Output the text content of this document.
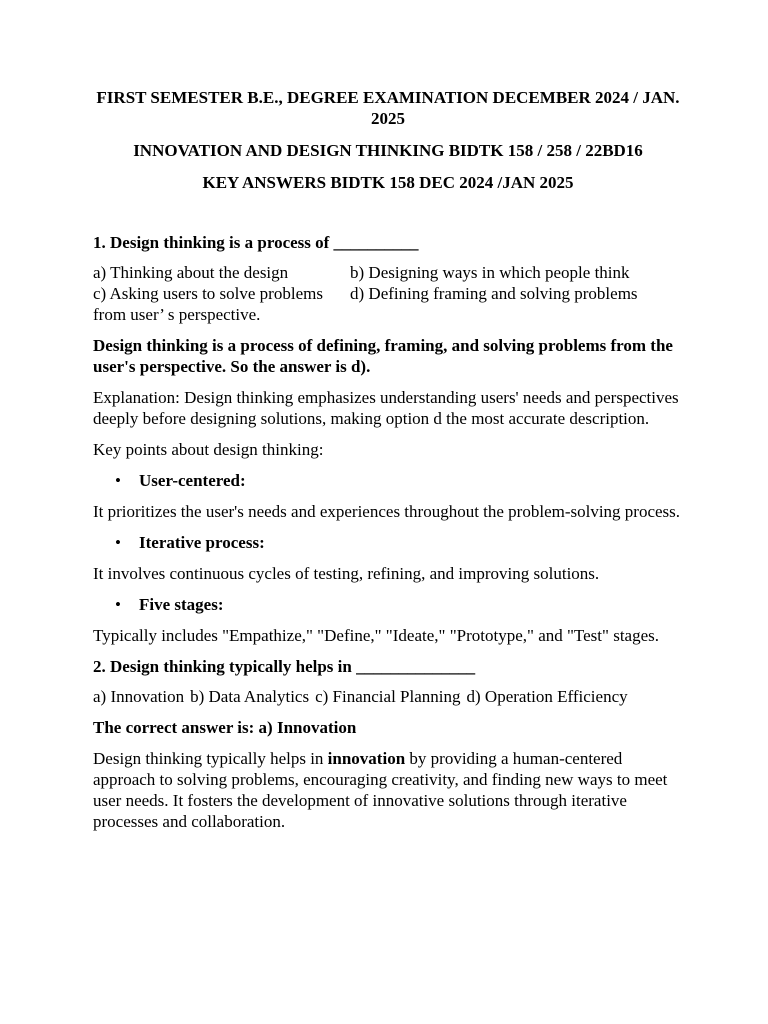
FIRST SEMESTER B.E., DEGREE EXAMINATION DECEMBER 2024 / JAN. 2025

INNOVATION AND DESIGN THINKING BIDTK 158 / 258 / 22BD16

KEY ANSWERS BIDTK 158 DEC 2024 /JAN 2025

1. Design thinking is a process of __________

a) Thinking about the design	b) Designing ways in which people think
c) Asking users to solve problems	d) Defining framing and solving problems
from user’ s perspective.

Design thinking is a process of defining, framing, and solving problems from the user's perspective. So the answer is d).

Explanation: Design thinking emphasizes understanding users' needs and perspectives deeply before designing solutions, making option d the most accurate description.

Key points about design thinking:

• User-centered:

It prioritizes the user's needs and experiences throughout the problem-solving process.

• Iterative process:

It involves continuous cycles of testing, refining, and improving solutions.

• Five stages:

Typically includes "Empathize," "Define," "Ideate," "Prototype," and "Test" stages.

2. Design thinking typically helps in ______________

a) Innovation b) Data Analytics c) Financial Planning d) Operation Efficiency

The correct answer is: a) Innovation

Design thinking typically helps in innovation by providing a human-centered approach to solving problems, encouraging creativity, and finding new ways to meet user needs. It fosters the development of innovative solutions through iterative processes and collaboration.
